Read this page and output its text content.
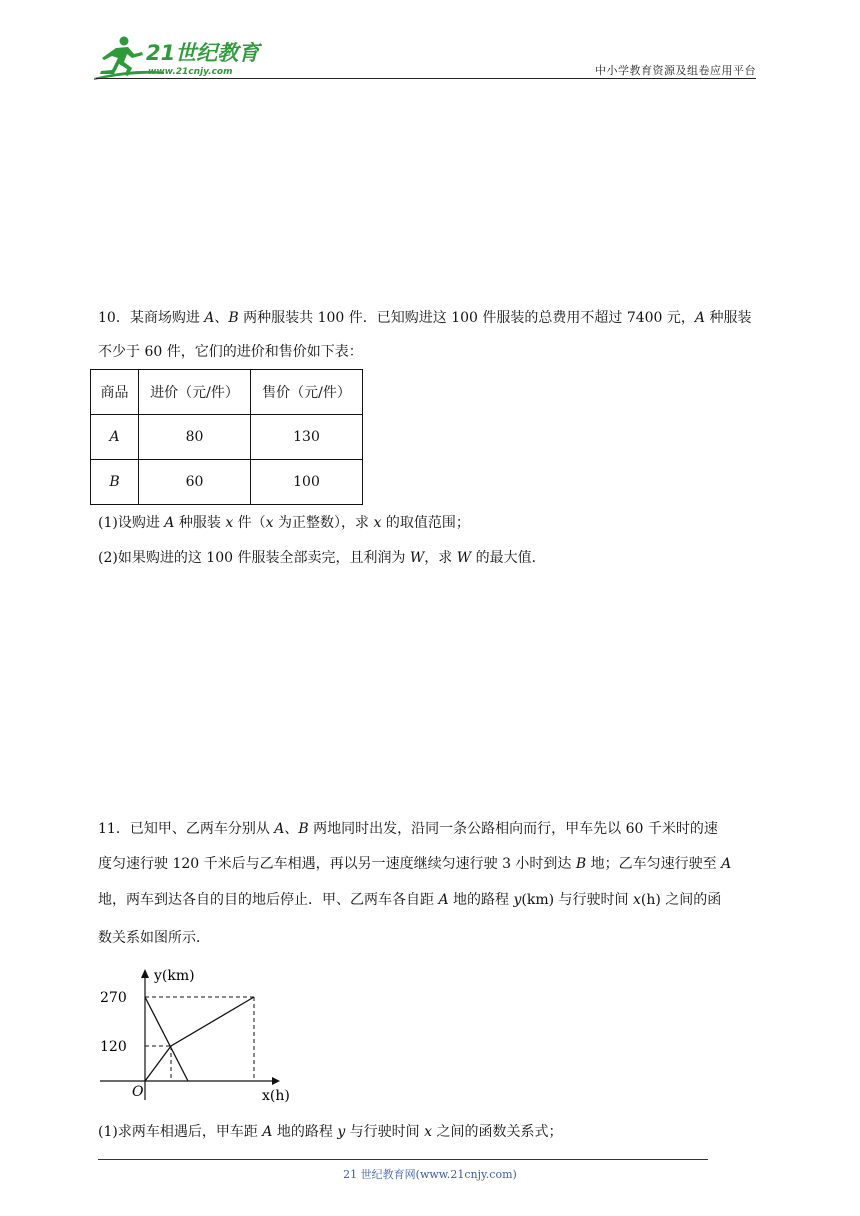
21世纪教育
www.21cnjy.com	中小学教育资源及组卷应用平台
10．某商场购进 A、B 两种服装共 100 件．已知购进这 100 件服装的总费用不超过 7400 元，A 种服装
不少于 60 件，它们的进价和售价如下表：
商品	进价（元/件）	售价（元/件）
A	80	130
B	60	100
(1)设购进 A 种服装 x 件（x 为正整数），求 x 的取值范围；
(2)如果购进的这 100 件服装全部卖完，且利润为 W，求 W 的最大值．
11．已知甲、乙两车分别从 A、B 两地同时出发，沿同一条公路相向而行，甲车先以 60 千米时的速
度匀速行驶 120 千米后与乙车相遇，再以另一速度继续匀速行驶 3 小时到达 B 地；乙车匀速行驶至 A
地，两车到达各自的目的地后停止．甲、乙两车各自距 A 地的路程 y(km) 与行驶时间 x(h) 之间的函
数关系如图所示．
y(km)
x(h)
O
270
120
(1)求两车相遇后，甲车距 A 地的路程 y 与行驶时间 x 之间的函数关系式；
21 世纪教育网(www.21cnjy.com)
